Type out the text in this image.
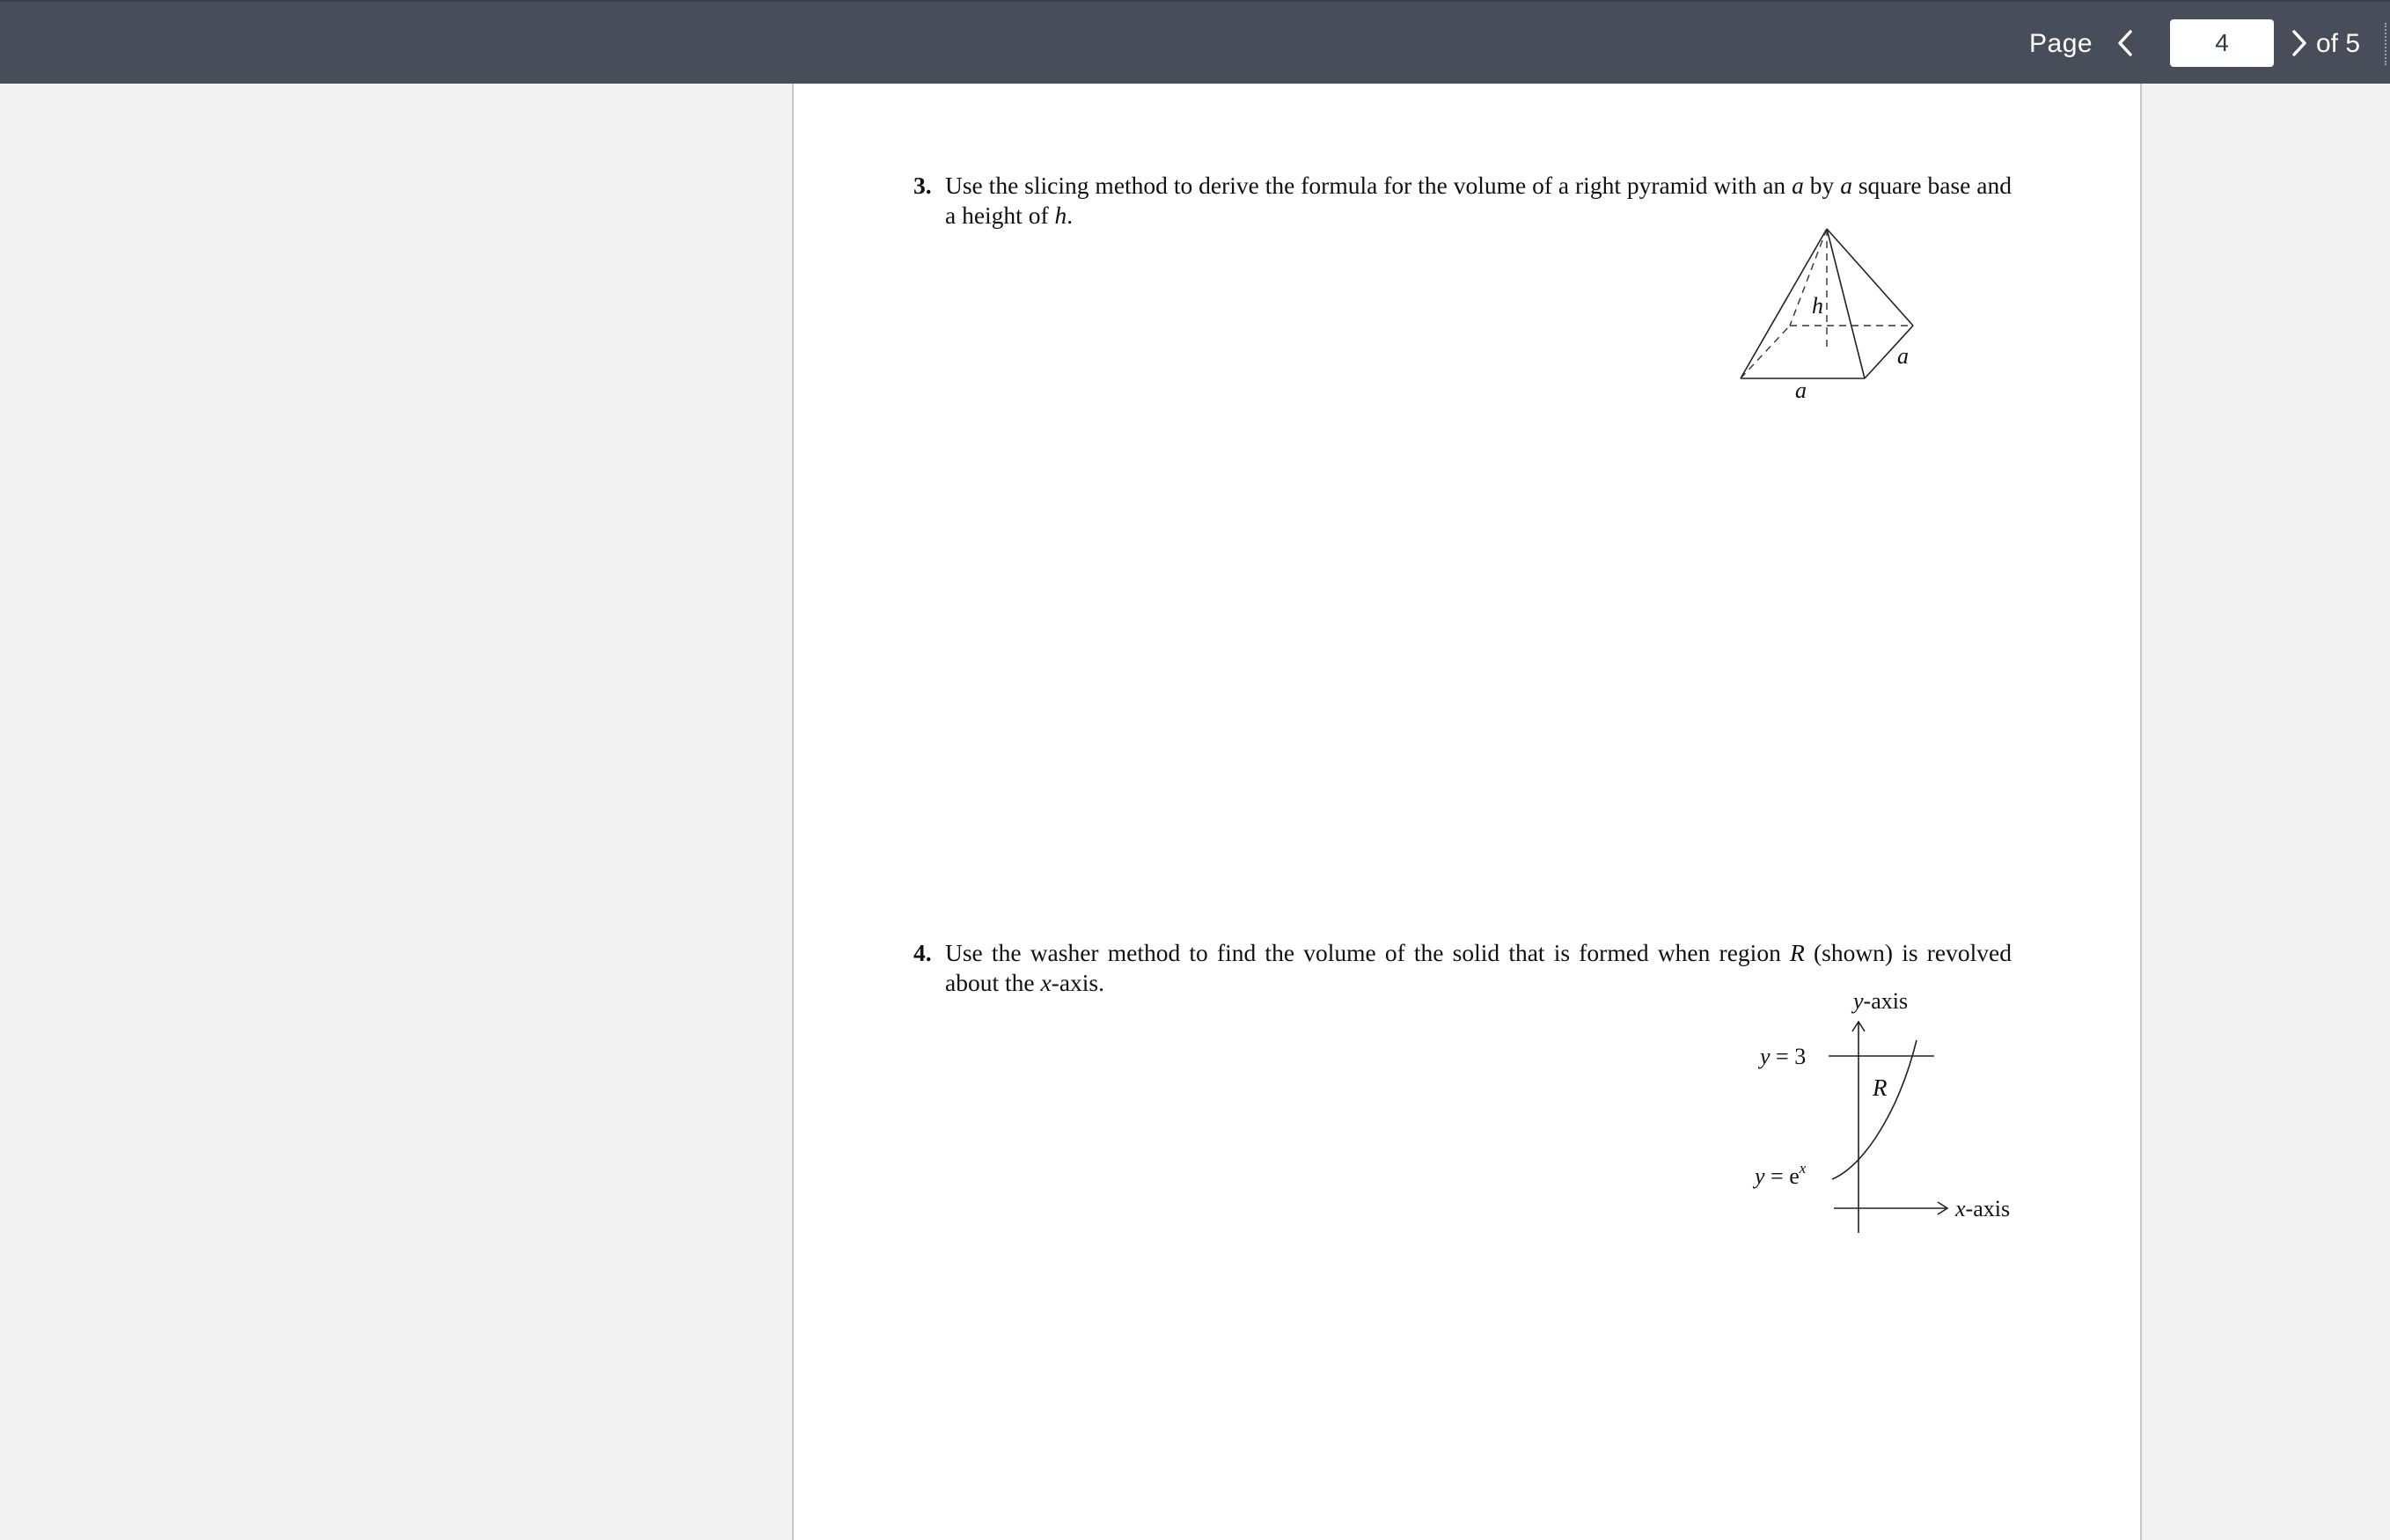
Page
4	of 5
3. Use the slicing method to derive the formula for the volume of a right pyramid with an a by a square base and a height of h.
h
a
a
4. Use the washer method to find the volume of the solid that is formed when region R (shown) is revolved about the x-axis.
y-axis
x-axis
y = 3
$y = e^x$
R
